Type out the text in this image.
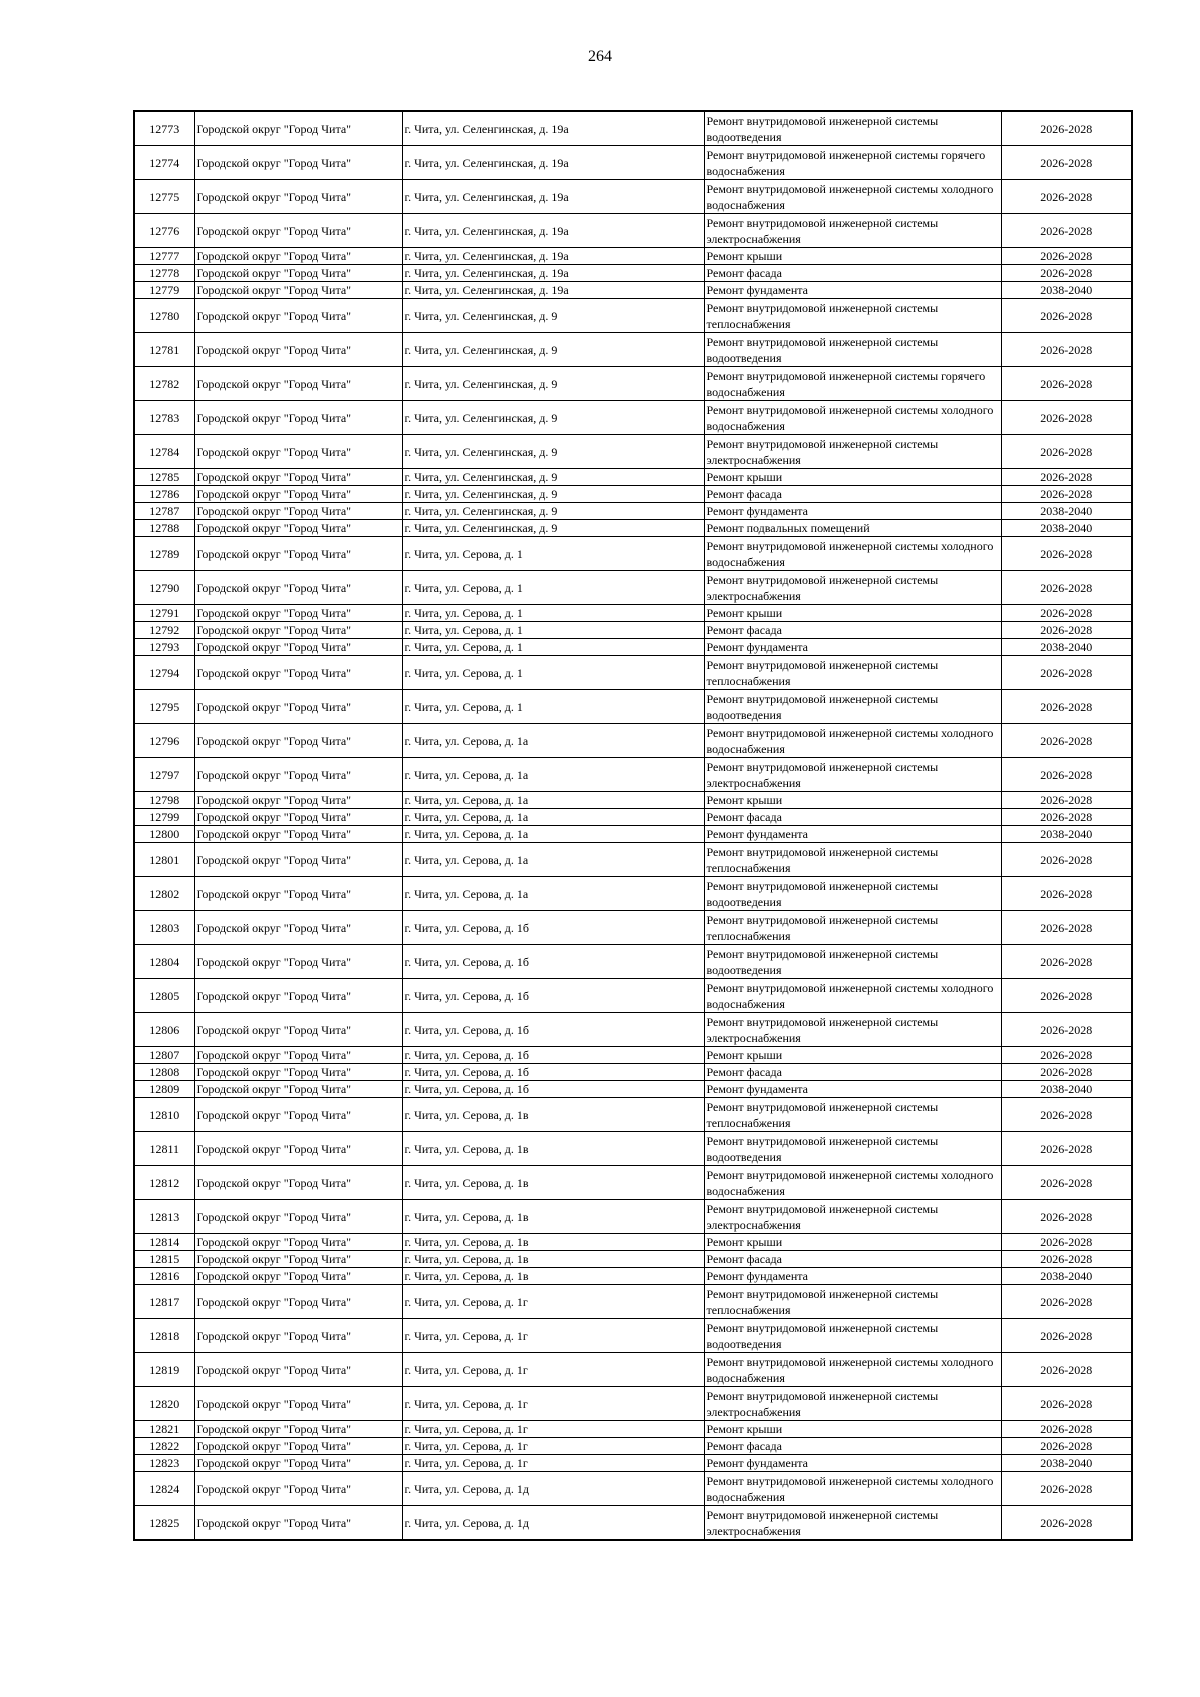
264
12773	Городской округ "Город Чита"	г. Чита, ул. Селенгинская, д. 19а	Ремонт внутридомовой инженерной системы водоотведения	2026-2028
12774	Городской округ "Город Чита"	г. Чита, ул. Селенгинская, д. 19а	Ремонт внутридомовой инженерной системы горячего водоснабжения	2026-2028
12775	Городской округ "Город Чита"	г. Чита, ул. Селенгинская, д. 19а	Ремонт внутридомовой инженерной системы холодного водоснабжения	2026-2028
12776	Городской округ "Город Чита"	г. Чита, ул. Селенгинская, д. 19а	Ремонт внутридомовой инженерной системы электроснабжения	2026-2028
12777	Городской округ "Город Чита"	г. Чита, ул. Селенгинская, д. 19а	Ремонт крыши	2026-2028
12778	Городской округ "Город Чита"	г. Чита, ул. Селенгинская, д. 19а	Ремонт фасада	2026-2028
12779	Городской округ "Город Чита"	г. Чита, ул. Селенгинская, д. 19а	Ремонт фундамента	2038-2040
12780	Городской округ "Город Чита"	г. Чита, ул. Селенгинская, д. 9	Ремонт внутридомовой инженерной системы теплоснабжения	2026-2028
12781	Городской округ "Город Чита"	г. Чита, ул. Селенгинская, д. 9	Ремонт внутридомовой инженерной системы водоотведения	2026-2028
12782	Городской округ "Город Чита"	г. Чита, ул. Селенгинская, д. 9	Ремонт внутридомовой инженерной системы горячего водоснабжения	2026-2028
12783	Городской округ "Город Чита"	г. Чита, ул. Селенгинская, д. 9	Ремонт внутридомовой инженерной системы холодного водоснабжения	2026-2028
12784	Городской округ "Город Чита"	г. Чита, ул. Селенгинская, д. 9	Ремонт внутридомовой инженерной системы электроснабжения	2026-2028
12785	Городской округ "Город Чита"	г. Чита, ул. Селенгинская, д. 9	Ремонт крыши	2026-2028
12786	Городской округ "Город Чита"	г. Чита, ул. Селенгинская, д. 9	Ремонт фасада	2026-2028
12787	Городской округ "Город Чита"	г. Чита, ул. Селенгинская, д. 9	Ремонт фундамента	2038-2040
12788	Городской округ "Город Чита"	г. Чита, ул. Селенгинская, д. 9	Ремонт подвальных помещений	2038-2040
12789	Городской округ "Город Чита"	г. Чита, ул. Серова, д. 1	Ремонт внутридомовой инженерной системы холодного водоснабжения	2026-2028
12790	Городской округ "Город Чита"	г. Чита, ул. Серова, д. 1	Ремонт внутридомовой инженерной системы электроснабжения	2026-2028
12791	Городской округ "Город Чита"	г. Чита, ул. Серова, д. 1	Ремонт крыши	2026-2028
12792	Городской округ "Город Чита"	г. Чита, ул. Серова, д. 1	Ремонт фасада	2026-2028
12793	Городской округ "Город Чита"	г. Чита, ул. Серова, д. 1	Ремонт фундамента	2038-2040
12794	Городской округ "Город Чита"	г. Чита, ул. Серова, д. 1	Ремонт внутридомовой инженерной системы теплоснабжения	2026-2028
12795	Городской округ "Город Чита"	г. Чита, ул. Серова, д. 1	Ремонт внутридомовой инженерной системы водоотведения	2026-2028
12796	Городской округ "Город Чита"	г. Чита, ул. Серова, д. 1а	Ремонт внутридомовой инженерной системы холодного водоснабжения	2026-2028
12797	Городской округ "Город Чита"	г. Чита, ул. Серова, д. 1а	Ремонт внутридомовой инженерной системы электроснабжения	2026-2028
12798	Городской округ "Город Чита"	г. Чита, ул. Серова, д. 1а	Ремонт крыши	2026-2028
12799	Городской округ "Город Чита"	г. Чита, ул. Серова, д. 1а	Ремонт фасада	2026-2028
12800	Городской округ "Город Чита"	г. Чита, ул. Серова, д. 1а	Ремонт фундамента	2038-2040
12801	Городской округ "Город Чита"	г. Чита, ул. Серова, д. 1а	Ремонт внутридомовой инженерной системы теплоснабжения	2026-2028
12802	Городской округ "Город Чита"	г. Чита, ул. Серова, д. 1а	Ремонт внутридомовой инженерной системы водоотведения	2026-2028
12803	Городской округ "Город Чита"	г. Чита, ул. Серова, д. 1б	Ремонт внутридомовой инженерной системы теплоснабжения	2026-2028
12804	Городской округ "Город Чита"	г. Чита, ул. Серова, д. 1б	Ремонт внутридомовой инженерной системы водоотведения	2026-2028
12805	Городской округ "Город Чита"	г. Чита, ул. Серова, д. 1б	Ремонт внутридомовой инженерной системы холодного водоснабжения	2026-2028
12806	Городской округ "Город Чита"	г. Чита, ул. Серова, д. 1б	Ремонт внутридомовой инженерной системы электроснабжения	2026-2028
12807	Городской округ "Город Чита"	г. Чита, ул. Серова, д. 1б	Ремонт крыши	2026-2028
12808	Городской округ "Город Чита"	г. Чита, ул. Серова, д. 1б	Ремонт фасада	2026-2028
12809	Городской округ "Город Чита"	г. Чита, ул. Серова, д. 1б	Ремонт фундамента	2038-2040
12810	Городской округ "Город Чита"	г. Чита, ул. Серова, д. 1в	Ремонт внутридомовой инженерной системы теплоснабжения	2026-2028
12811	Городской округ "Город Чита"	г. Чита, ул. Серова, д. 1в	Ремонт внутридомовой инженерной системы водоотведения	2026-2028
12812	Городской округ "Город Чита"	г. Чита, ул. Серова, д. 1в	Ремонт внутридомовой инженерной системы холодного водоснабжения	2026-2028
12813	Городской округ "Город Чита"	г. Чита, ул. Серова, д. 1в	Ремонт внутридомовой инженерной системы электроснабжения	2026-2028
12814	Городской округ "Город Чита"	г. Чита, ул. Серова, д. 1в	Ремонт крыши	2026-2028
12815	Городской округ "Город Чита"	г. Чита, ул. Серова, д. 1в	Ремонт фасада	2026-2028
12816	Городской округ "Город Чита"	г. Чита, ул. Серова, д. 1в	Ремонт фундамента	2038-2040
12817	Городской округ "Город Чита"	г. Чита, ул. Серова, д. 1г	Ремонт внутридомовой инженерной системы теплоснабжения	2026-2028
12818	Городской округ "Город Чита"	г. Чита, ул. Серова, д. 1г	Ремонт внутридомовой инженерной системы водоотведения	2026-2028
12819	Городской округ "Город Чита"	г. Чита, ул. Серова, д. 1г	Ремонт внутридомовой инженерной системы холодного водоснабжения	2026-2028
12820	Городской округ "Город Чита"	г. Чита, ул. Серова, д. 1г	Ремонт внутридомовой инженерной системы электроснабжения	2026-2028
12821	Городской округ "Город Чита"	г. Чита, ул. Серова, д. 1г	Ремонт крыши	2026-2028
12822	Городской округ "Город Чита"	г. Чита, ул. Серова, д. 1г	Ремонт фасада	2026-2028
12823	Городской округ "Город Чита"	г. Чита, ул. Серова, д. 1г	Ремонт фундамента	2038-2040
12824	Городской округ "Город Чита"	г. Чита, ул. Серова, д. 1д	Ремонт внутридомовой инженерной системы холодного водоснабжения	2026-2028
12825	Городской округ "Город Чита"	г. Чита, ул. Серова, д. 1д	Ремонт внутридомовой инженерной системы электроснабжения	2026-2028
